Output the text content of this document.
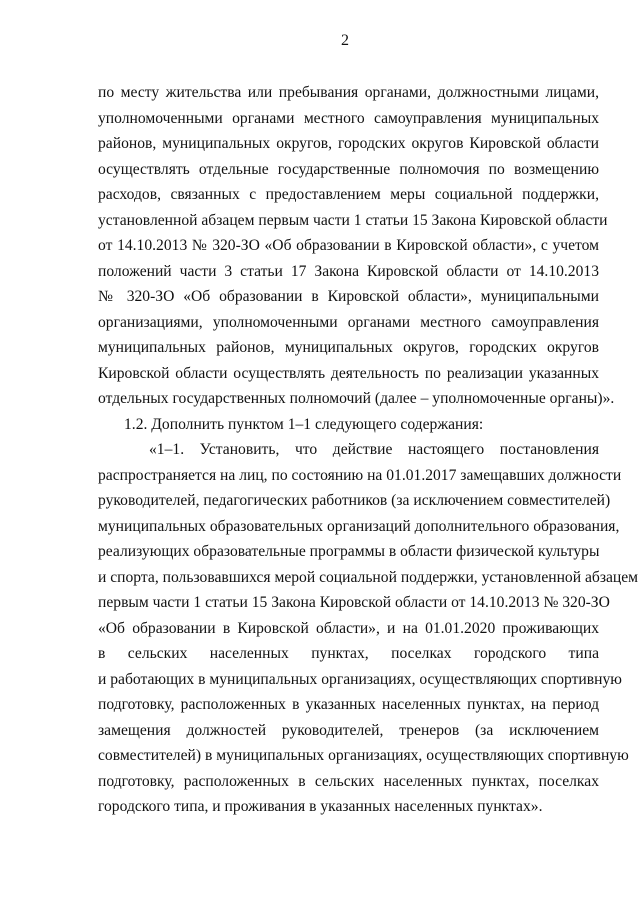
2
по месту жительства или пребывания органами, должностными лицами,
уполномоченными органами местного самоуправления муниципальных
районов, муниципальных округов, городских округов Кировской области
осуществлять отдельные государственные полномочия по возмещению
расходов, связанных с предоставлением меры социальной поддержки,
установленной абзацем первым части 1 статьи 15 Закона Кировской области
от 14.10.2013 № 320-ЗО «Об образовании в Кировской области», с учетом
положений части 3 статьи 17 Закона Кировской области от 14.10.2013
№ 320-ЗО «Об образовании в Кировской области», муниципальными
организациями, уполномоченными органами местного самоуправления
муниципальных районов, муниципальных округов, городских округов
Кировской области осуществлять деятельность по реализации указанных
отдельных государственных полномочий (далее – уполномоченные органы)».
1.2. Дополнить пунктом 1–1 следующего содержания:
«1–1. Установить, что действие настоящего постановления
распространяется на лиц, по состоянию на 01.01.2017 замещавших должности
руководителей, педагогических работников (за исключением совместителей)
муниципальных образовательных организаций дополнительного образования,
реализующих образовательные программы в области физической культуры
и спорта, пользовавшихся мерой социальной поддержки, установленной абзацем
первым части 1 статьи 15 Закона Кировской области от 14.10.2013 № 320-ЗО
«Об образовании в Кировской области», и на 01.01.2020 проживающих
в сельских населенных пунктах, поселках городского типа
и работающих в муниципальных организациях, осуществляющих спортивную
подготовку, расположенных в указанных населенных пунктах, на период
замещения должностей руководителей, тренеров (за исключением
совместителей) в муниципальных организациях, осуществляющих спортивную
подготовку, расположенных в сельских населенных пунктах, поселках
городского типа, и проживания в указанных населенных пунктах».
